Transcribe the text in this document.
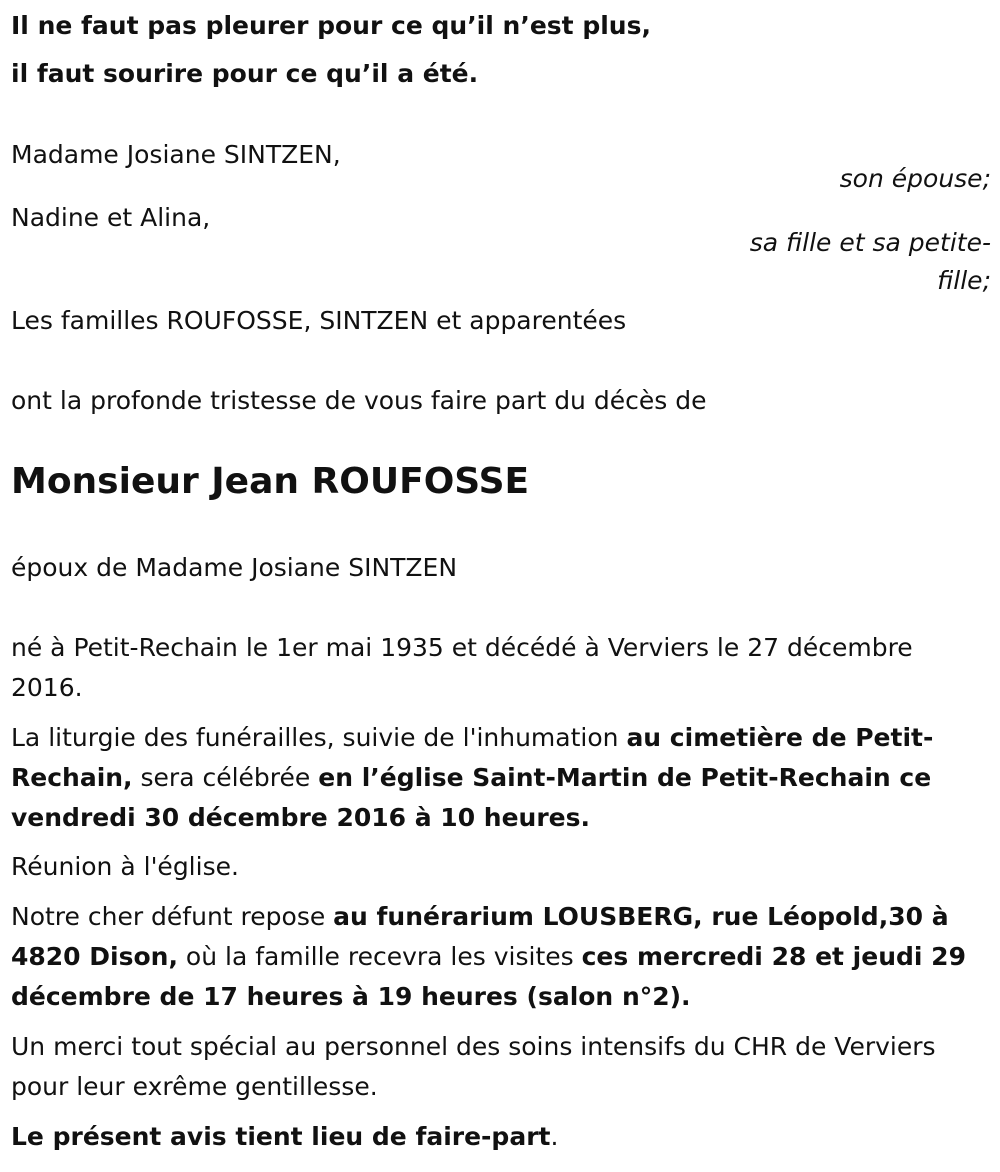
Il ne faut pas pleurer pour ce qu’il n’est plus,
il faut sourire pour ce qu’il a été.
Madame Josiane SINTZEN,
son épouse;
Nadine et Alina,
sa fille et sa petite-
fille;
Les familles ROUFOSSE, SINTZEN et apparentées
ont la profonde tristesse de vous faire part du décès de
Monsieur Jean ROUFOSSE
époux de Madame Josiane SINTZEN
né à Petit-Rechain le 1er mai 1935 et décédé à Verviers le 27 décembre 2016.
La liturgie des funérailles, suivie de l'inhumation au cimetière de Petit-Rechain, sera célébrée en l’église Saint-Martin de Petit-Rechain ce vendredi 30 décembre 2016 à 10 heures.
Réunion à l'église.
Notre cher défunt repose au funérarium LOUSBERG, rue Léopold,30 à 4820 Dison, où la famille recevra les visites ces mercredi 28 et jeudi 29 décembre de 17 heures à 19 heures (salon n°2).
Un merci tout spécial au personnel des soins intensifs du CHR de Verviers pour leur exrême gentillesse.
Le présent avis tient lieu de faire-part.
